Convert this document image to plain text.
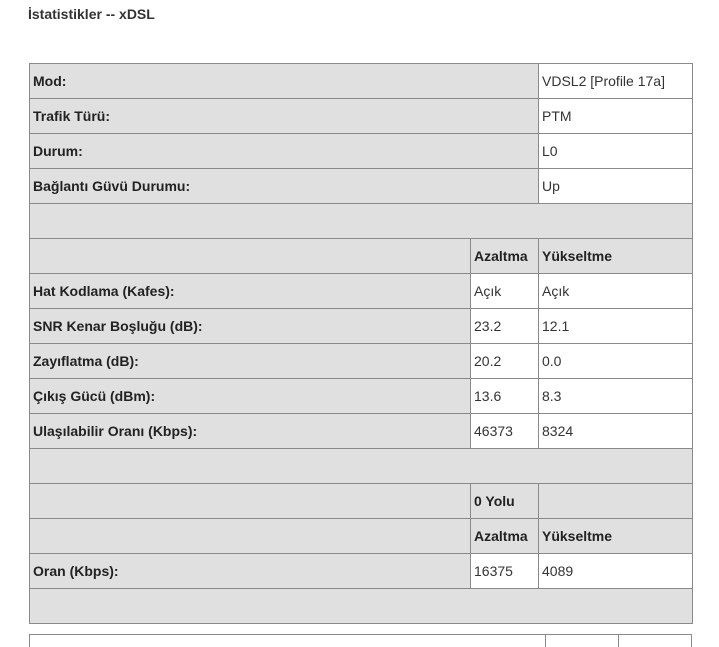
İstatistikler -- xDSL
Mod:		VDSL2 [Profile 17a]
Trafik Türü:		PTM
Durum:		L0
Bağlantı Güvü Durumu:		Up

	Azaltma	Yükseltme
Hat Kodlama (Kafes):	Açık	Açık
SNR Kenar Boşluğu (dB):	23.2	12.1
Zayıflatma (dB):	20.2	0.0
Çıkış Gücü (dBm):	13.6	8.3
Ulaşılabilir Oranı (Kbps):	46373	8324

	0 Yolu	
	Azaltma	Yükseltme
Oran (Kbps):	16375	4089
